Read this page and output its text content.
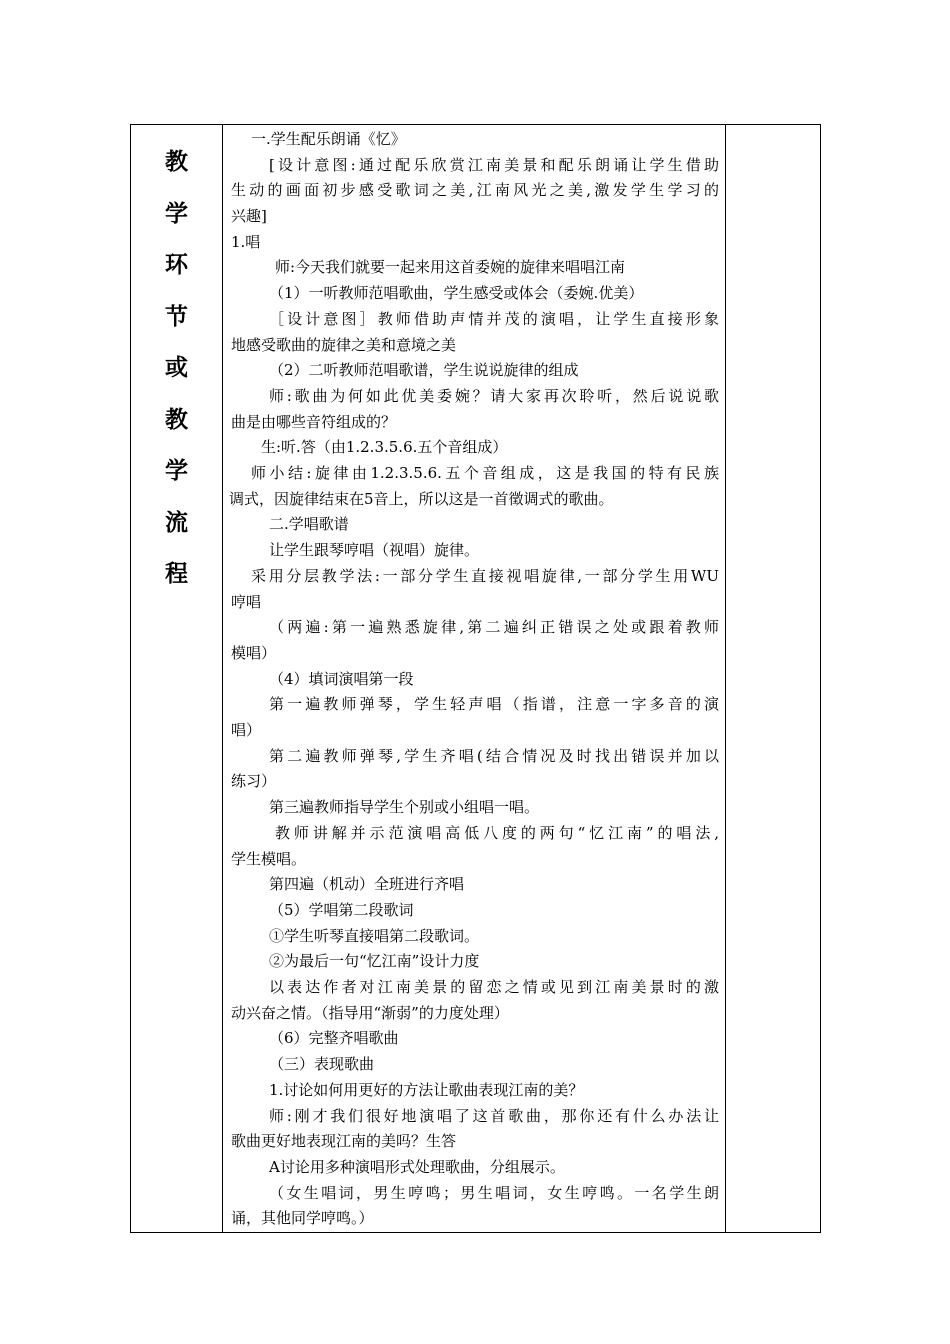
教
学
环
节
或
教
学
流
程

一.学生配乐朗诵《忆》
[设计意图:通过配乐欣赏江南美景和配乐朗诵让学生借助
生动的画面初步感受歌词之美,江南风光之美,激发学生学习的
兴趣]
1.唱
师:今天我们就要一起来用这首委婉的旋律来唱唱江南
（1）一听教师范唱歌曲，学生感受或体会（委婉.优美）
［设计意图］教师借助声情并茂的演唱，让学生直接形象
地感受歌曲的旋律之美和意境之美
（2）二听教师范唱歌谱，学生说说旋律的组成
师:歌曲为何如此优美委婉？请大家再次聆听，然后说说歌
曲是由哪些音符组成的？
生:听.答（由1.2.3.5.6.五个音组成）
师小结:旋律由1.2.3.5.6.五个音组成，这是我国的特有民族
调式，因旋律结束在5音上，所以这是一首徵调式的歌曲。
二.学唱歌谱
让学生跟琴哼唱（视唱）旋律。
采用分层教学法:一部分学生直接视唱旋律,一部分学生用WU
哼唱
（两遍:第一遍熟悉旋律,第二遍纠正错误之处或跟着教师
模唱）
（4）填词演唱第一段
第一遍教师弹琴，学生轻声唱（指谱，注意一字多音的演
唱）
第二遍教师弹琴,学生齐唱(结合情况及时找出错误并加以
练习）
第三遍教师指导学生个别或小组唱一唱。
教师讲解并示范演唱高低八度的两句“忆江南”的唱法,
学生模唱。
第四遍（机动）全班进行齐唱
（5）学唱第二段歌词
①学生听琴直接唱第二段歌词。
②为最后一句“忆江南”设计力度
以表达作者对江南美景的留恋之情或见到江南美景时的激
动兴奋之情。（指导用“渐弱”的力度处理）
（6）完整齐唱歌曲
（三）表现歌曲
1.讨论如何用更好的方法让歌曲表现江南的美？
师:刚才我们很好地演唱了这首歌曲，那你还有什么办法让
歌曲更好地表现江南的美吗？生答
A讨论用多种演唱形式处理歌曲，分组展示。
（女生唱词，男生哼鸣；男生唱词，女生哼鸣。一名学生朗
诵，其他同学哼鸣。）
